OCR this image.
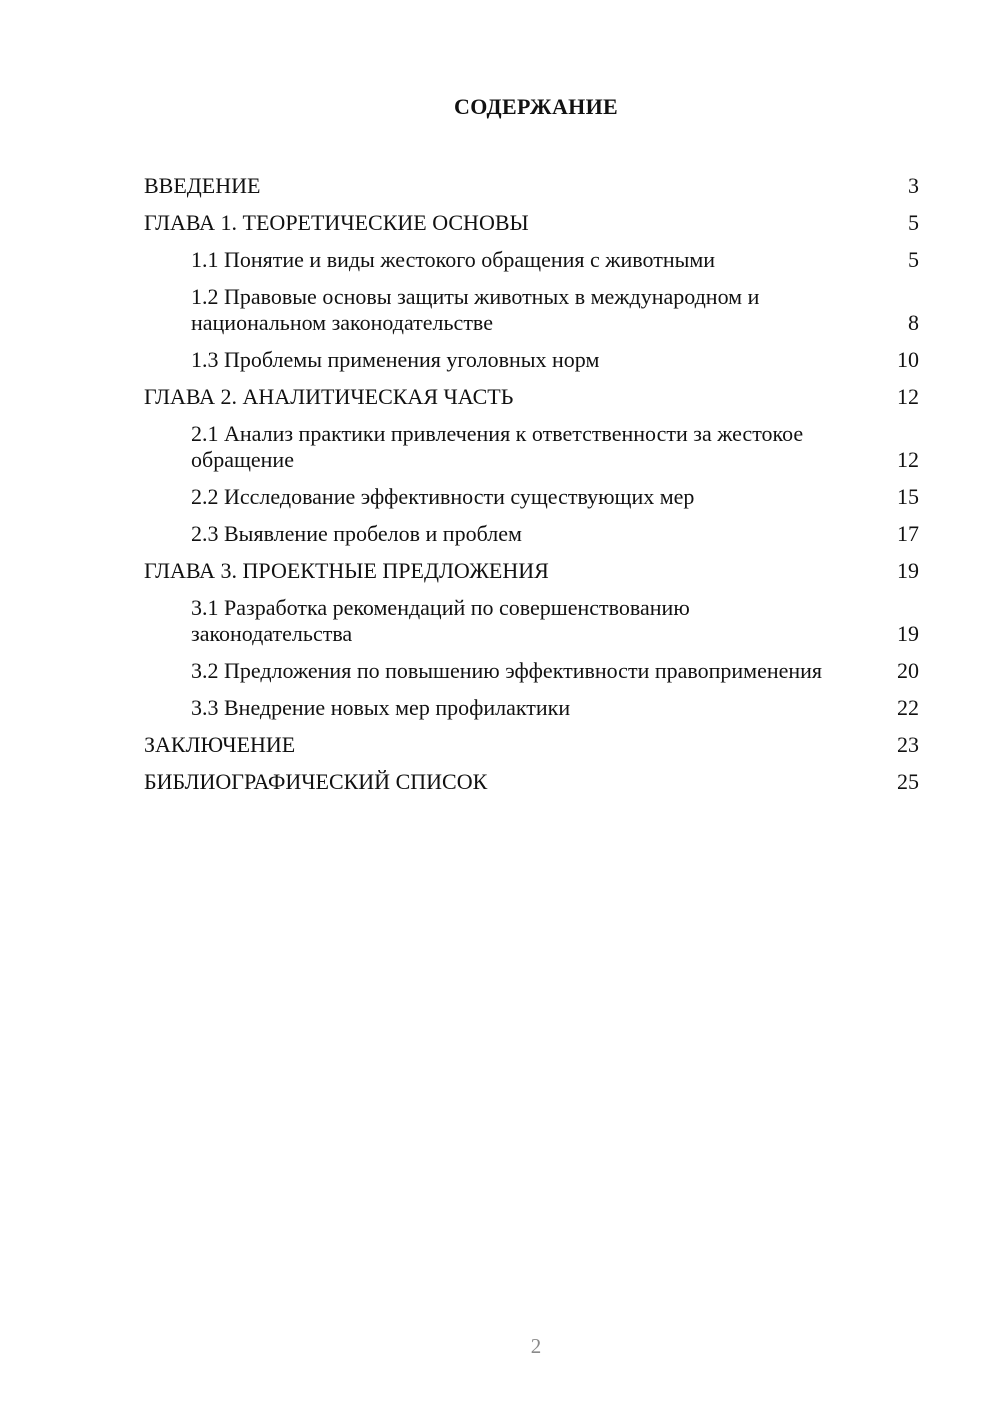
СОДЕРЖАНИЕ
ВВЕДЕНИЕ	3
ГЛАВА 1. ТЕОРЕТИЧЕСКИЕ ОСНОВЫ	5
1.1 Понятие и виды жестокого обращения с животными	5
1.2 Правовые основы защиты животных в международном и национальном законодательстве	8
1.3 Проблемы применения уголовных норм	10
ГЛАВА 2. АНАЛИТИЧЕСКАЯ ЧАСТЬ	12
2.1 Анализ практики привлечения к ответственности за жестокое обращение	12
2.2 Исследование эффективности существующих мер	15
2.3 Выявление пробелов и проблем	17
ГЛАВА 3. ПРОЕКТНЫЕ ПРЕДЛОЖЕНИЯ	19
3.1 Разработка рекомендаций по совершенствованию законодательства	19
3.2 Предложения по повышению эффективности правоприменения	20
3.3 Внедрение новых мер профилактики	22
ЗАКЛЮЧЕНИЕ	23
БИБЛИОГРАФИЧЕСКИЙ СПИСОК	25
2
